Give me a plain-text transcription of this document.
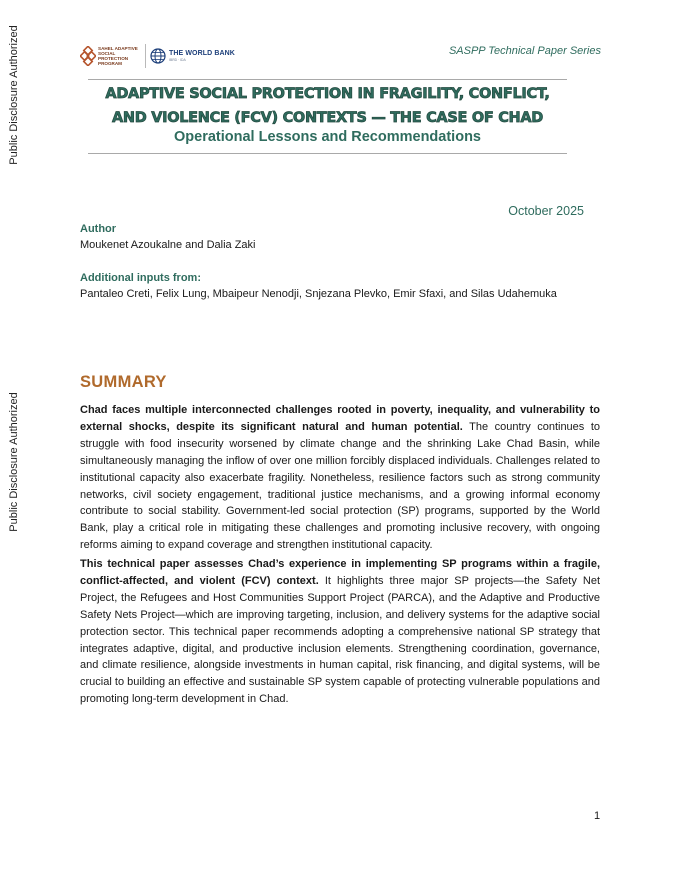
Public Disclosure Authorized
Public Disclosure Authorized
SAHEL ADAPTIVE SOCIAL PROTECTION PROGRAM
THE WORLD BANK
IBRD · IDA
SASPP Technical Paper Series
ADAPTIVE SOCIAL PROTECTION IN FRAGILITY, CONFLICT,
AND VIOLENCE (FCV) CONTEXTS — THE CASE OF CHAD
Operational Lessons and Recommendations
October 2025
Author
Moukenet Azoukalne and Dalia Zaki
Additional inputs from:
Pantaleo Creti, Felix Lung, Mbaipeur Nenodji, Snjezana Plevko, Emir Sfaxi, and Silas Udahemuka
SUMMARY

Chad faces multiple interconnected challenges rooted in poverty, inequality, and vulnerability to external shocks, despite its significant natural and human potential. The country continues to struggle with food insecurity worsened by climate change and the shrinking Lake Chad Basin, while simultaneously managing the inflow of over one million forcibly displaced individuals. Challenges related to institutional capacity also exacerbate fragility. Nonetheless, resilience factors such as strong community networks, civil society engagement, traditional justice mechanisms, and a growing informal economy contribute to social stability. Government-led social protection (SP) programs, supported by the World Bank, play a critical role in mitigating these challenges and promoting inclusive recovery, with ongoing reforms aiming to expand coverage and strengthen institutional capacity.

This technical paper assesses Chad’s experience in implementing SP programs within a fragile, conflict-affected, and violent (FCV) context. It highlights three major SP projects—the Safety Net Project, the Refugees and Host Communities Support Project (PARCA), and the Adaptive and Productive Safety Nets Project—which are improving targeting, inclusion, and delivery systems for the adaptive social protection sector. This technical paper recommends adopting a comprehensive national SP strategy that integrates adaptive, digital, and productive inclusion elements. Strengthening coordination, governance, and climate resilience, alongside investments in human capital, risk financing, and digital systems, will be crucial to building an effective and sustainable SP system capable of protecting vulnerable populations and promoting long-term development in Chad.

1
